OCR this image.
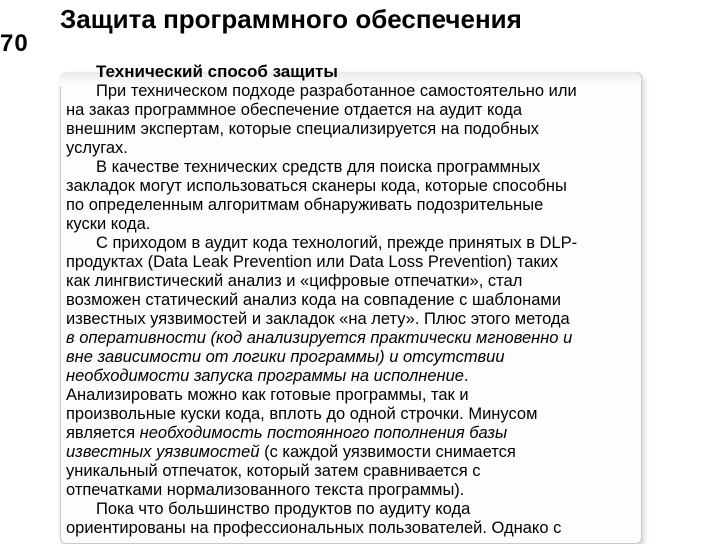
70
Защита программного обеспечения
Технический способ защиты
При техническом подходе разработанное самостоятельно или
на заказ программное обеспечение отдается на аудит кода
внешним экспертам, которые специализируется на подобных
услугах.
В качестве технических средств для поиска программных
закладок могут использоваться сканеры кода, которые способны
по определенным алгоритмам обнаруживать подозрительные
куски кода.
С приходом в аудит кода технологий, прежде принятых в DLP-
продуктах (Data Leak Prevention или Data Loss Prevention) таких
как лингвистический анализ и «цифровые отпечатки», стал
возможен статический анализ кода на совпадение с шаблонами
известных уязвимостей и закладок «на лету». Плюс этого метода
в оперативности (код анализируется практически мгновенно и
вне зависимости от логики программы) и отсутствии
необходимости запуска программы на исполнение.
Анализировать можно как готовые программы, так и
произвольные куски кода, вплоть до одной строчки. Минусом
является необходимость постоянного пополнения базы
известных уязвимостей (с каждой уязвимости снимается
уникальный отпечаток, который затем сравнивается с
отпечатками нормализованного текста программы).
Пока что большинство продуктов по аудиту кода
ориентированы на профессиональных пользователей. Однако с
